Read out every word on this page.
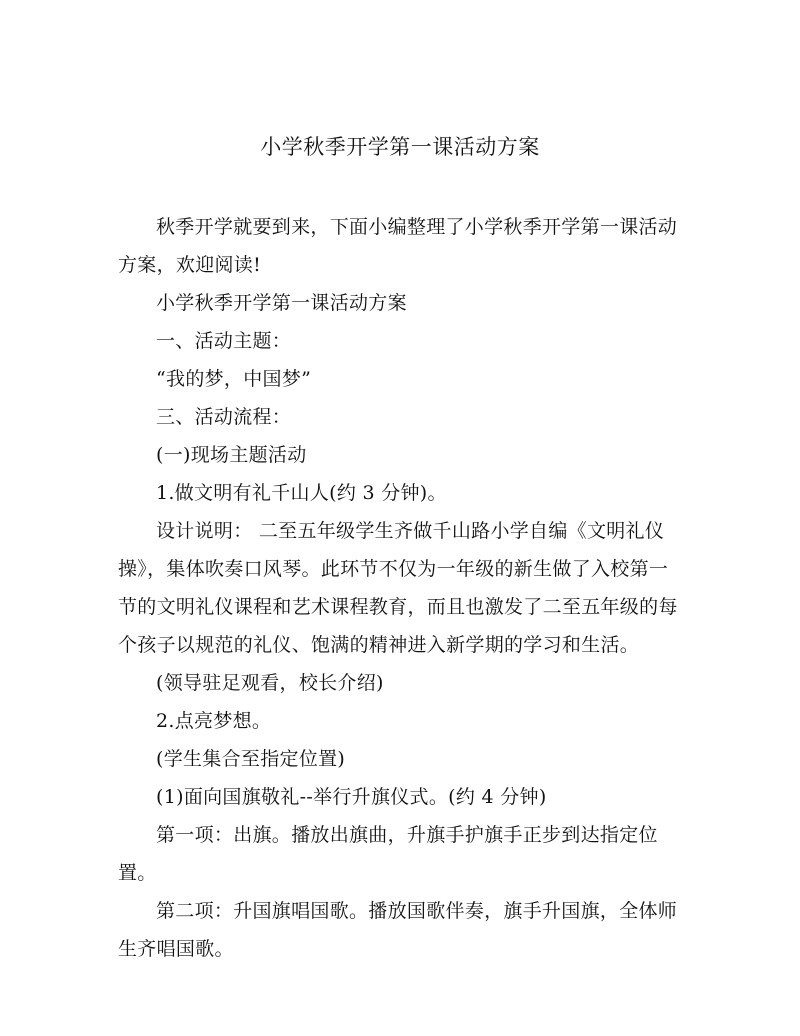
小学秋季开学第一课活动方案

秋季开学就要到来，下面小编整理了小学秋季开学第一课活动方案，欢迎阅读!

小学秋季开学第一课活动方案

一、活动主题：

“我的梦，中国梦”

三、活动流程：

(一)现场主题活动

1.做文明有礼千山人(约 3 分钟)。

设计说明： 二至五年级学生齐做千山路小学自编《文明礼仪操》，集体吹奏口风琴。此环节不仅为一年级的新生做了入校第一节的文明礼仪课程和艺术课程教育，而且也激发了二至五年级的每个孩子以规范的礼仪、饱满的精神进入新学期的学习和生活。

(领导驻足观看，校长介绍)

2.点亮梦想。

(学生集合至指定位置)

(1)面向国旗敬礼--举行升旗仪式。(约 4 分钟)

第一项：出旗。播放出旗曲，升旗手护旗手正步到达指定位置。

第二项：升国旗唱国歌。播放国歌伴奏，旗手升国旗，全体师生齐唱国歌。
